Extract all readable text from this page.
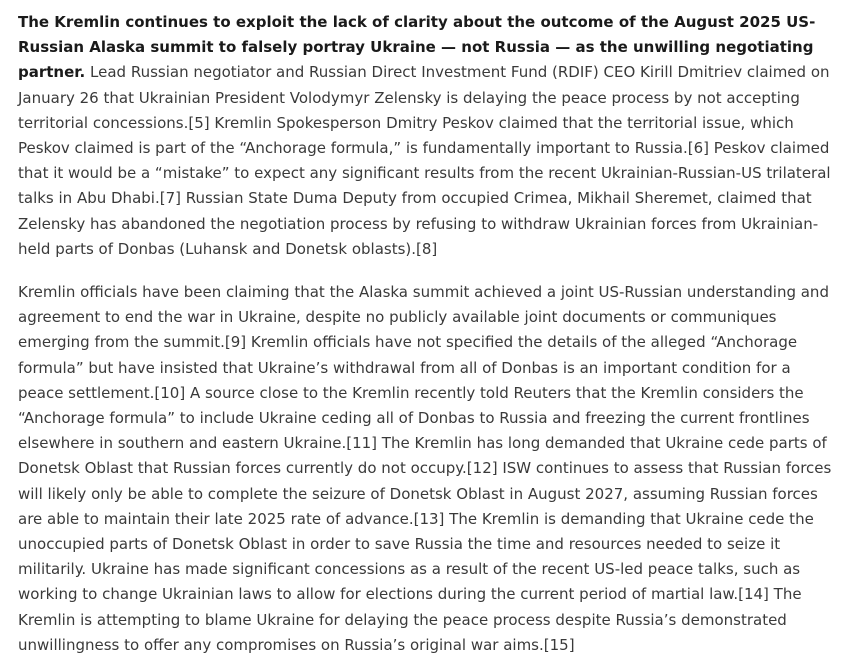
The Kremlin continues to exploit the lack of clarity about the outcome of the August 2025 US-Russian Alaska summit to falsely portray Ukraine — not Russia — as the unwilling negotiating partner. Lead Russian negotiator and Russian Direct Investment Fund (RDIF) CEO Kirill Dmitriev claimed on January 26 that Ukrainian President Volodymyr Zelensky is delaying the peace process by not accepting territorial concessions.[5] Kremlin Spokesperson Dmitry Peskov claimed that the territorial issue, which Peskov claimed is part of the “Anchorage formula,” is fundamentally important to Russia.[6] Peskov claimed that it would be a “mistake” to expect any significant results from the recent Ukrainian-Russian-US trilateral talks in Abu Dhabi.[7] Russian State Duma Deputy from occupied Crimea, Mikhail Sheremet, claimed that Zelensky has abandoned the negotiation process by refusing to withdraw Ukrainian forces from Ukrainian-held parts of Donbas (Luhansk and Donetsk oblasts).[8]

Kremlin officials have been claiming that the Alaska summit achieved a joint US-Russian understanding and agreement to end the war in Ukraine, despite no publicly available joint documents or communiques emerging from the summit.[9] Kremlin officials have not specified the details of the alleged “Anchorage formula” but have insisted that Ukraine’s withdrawal from all of Donbas is an important condition for a peace settlement.[10] A source close to the Kremlin recently told Reuters that the Kremlin considers the “Anchorage formula” to include Ukraine ceding all of Donbas to Russia and freezing the current frontlines elsewhere in southern and eastern Ukraine.[11] The Kremlin has long demanded that Ukraine cede parts of Donetsk Oblast that Russian forces currently do not occupy.[12] ISW continues to assess that Russian forces will likely only be able to complete the seizure of Donetsk Oblast in August 2027, assuming Russian forces are able to maintain their late 2025 rate of advance.[13] The Kremlin is demanding that Ukraine cede the unoccupied parts of Donetsk Oblast in order to save Russia the time and resources needed to seize it militarily. Ukraine has made significant concessions as a result of the recent US-led peace talks, such as working to change Ukrainian laws to allow for elections during the current period of martial law.[14] The Kremlin is attempting to blame Ukraine for delaying the peace process despite Russia’s demonstrated unwillingness to offer any compromises on Russia’s original war aims.[15]
